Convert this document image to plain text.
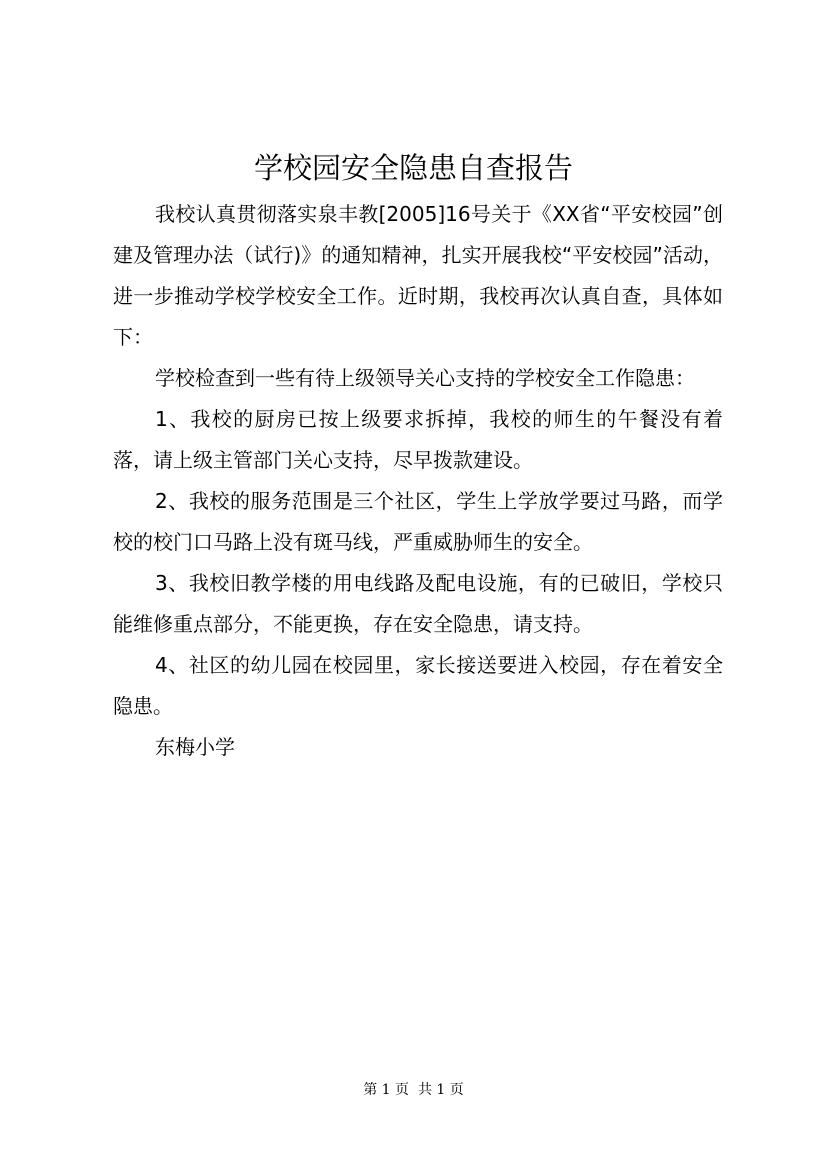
学校园安全隐患自查报告

我校认真贯彻落实泉丰教[2005]16号关于《XX省“平安校园”创建及管理办法（试行)》的通知精神，扎实开展我校“平安校园”活动，进一步推动学校学校安全工作。近时期，我校再次认真自查，具体如下：

学校检查到一些有待上级领导关心支持的学校安全工作隐患：

1、我校的厨房已按上级要求拆掉，我校的师生的午餐没有着落，请上级主管部门关心支持，尽早拨款建设。

2、我校的服务范围是三个社区，学生上学放学要过马路，而学校的校门口马路上没有斑马线，严重威胁师生的安全。

3、我校旧教学楼的用电线路及配电设施，有的已破旧，学校只能维修重点部分，不能更换，存在安全隐患，请支持。

4、社区的幼儿园在校园里，家长接送要进入校园，存在着安全隐患。

东梅小学

第 1 页  共 1 页
